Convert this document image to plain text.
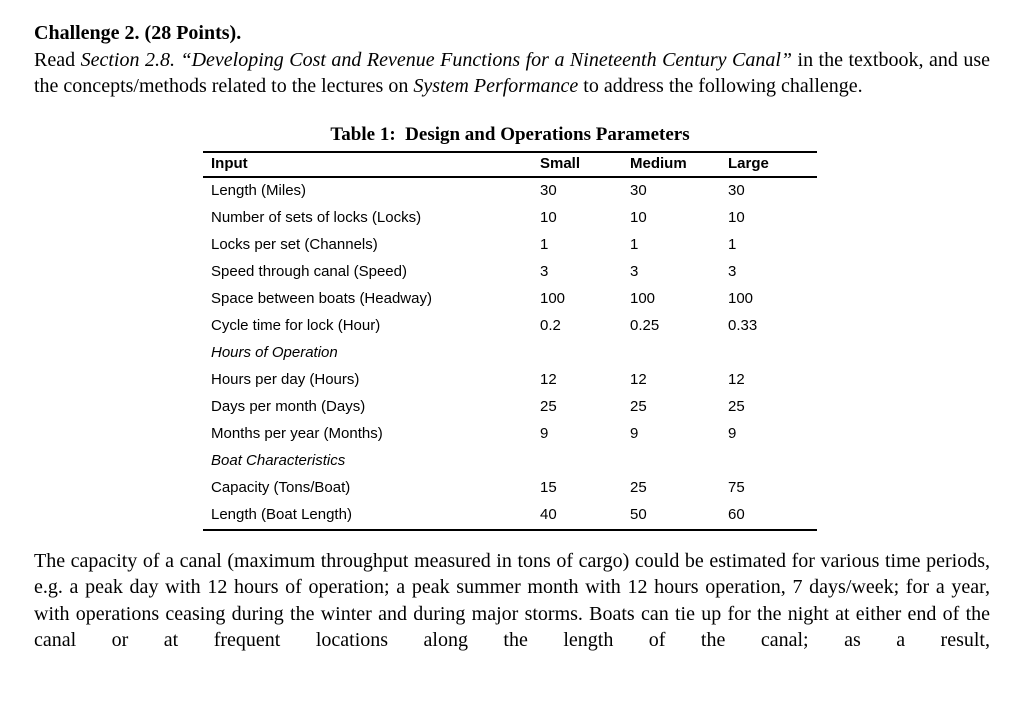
Challenge 2. (28 Points).

Read Section 2.8. “Developing Cost and Revenue Functions for a Nineteenth Century Canal” in the textbook, and use the concepts/methods related to the lectures on System Performance to address the following challenge.

Table 1:  Design and Operations Parameters
Input	Small	Medium	Large
Length (Miles)	30	30	30
Number of sets of locks (Locks)	10	10	10
Locks per set (Channels)	1	1	1
Speed through canal (Speed)	3	3	3
Space between boats (Headway)	100	100	100
Cycle time for lock (Hour)	0.2	0.25	0.33
Hours of Operation
Hours per day (Hours)	12	12	12
Days per month (Days)	25	25	25
Months per year (Months)	9	9	9
Boat Characteristics
Capacity (Tons/Boat)	15	25	75
Length (Boat Length)	40	50	60

The capacity of a canal (maximum throughput measured in tons of cargo) could be estimated for various time periods, e.g. a peak day with 12 hours of operation; a peak summer month with 12 hours operation, 7 days/week; for a year, with operations ceasing during the winter and during major storms. Boats can tie up for the night at either end of the canal or at frequent locations along the length of the canal; as a result,
